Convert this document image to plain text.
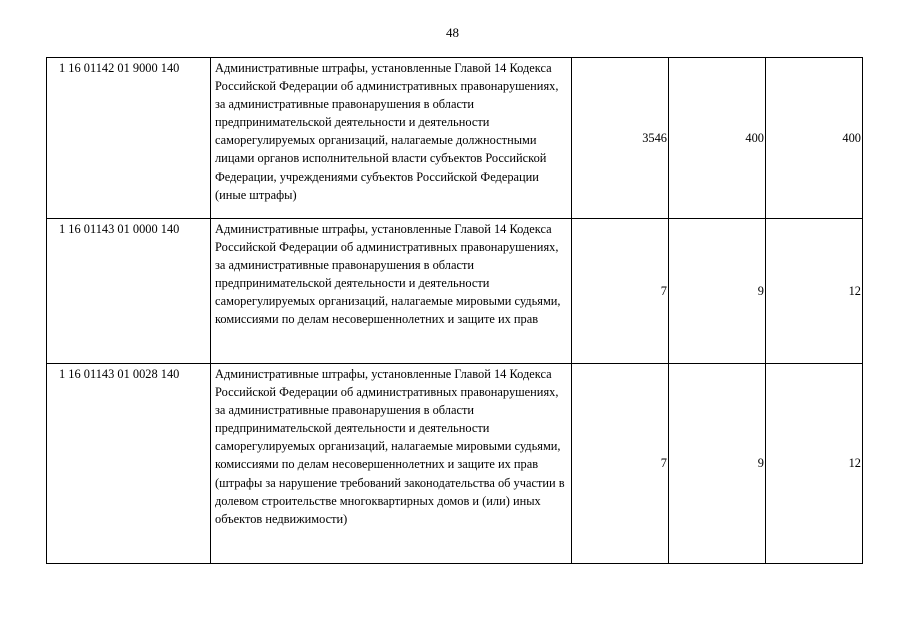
48
1 16 01142 01 9000 140	Административные штрафы, установленные Главой 14 Кодекса Российской Федерации об административных правонарушениях, за административные правонарушения в области предпринимательской деятельности и деятельности саморегулируемых организаций, налагаемые должностными лицами органов исполнительной власти субъектов Российской Федерации, учреждениями субъектов Российской Федерации (иные штрафы)	3546	400	400
1 16 01143 01 0000 140	Административные штрафы, установленные Главой 14 Кодекса Российской Федерации об административных правонарушениях, за административные правонарушения в области предпринимательской деятельности и деятельности саморегулируемых организаций, налагаемые мировыми судьями, комиссиями по делам несовершеннолетних и защите их прав	7	9	12
1 16 01143 01 0028 140	Административные штрафы, установленные Главой 14 Кодекса Российской Федерации об административных правонарушениях, за административные правонарушения в области предпринимательской деятельности и деятельности саморегулируемых организаций, налагаемые мировыми судьями, комиссиями по делам несовершеннолетних и защите их прав (штрафы за нарушение требований законодательства об участии в долевом строительстве многоквартирных домов и (или) иных объектов недвижимости)	7	9	12
